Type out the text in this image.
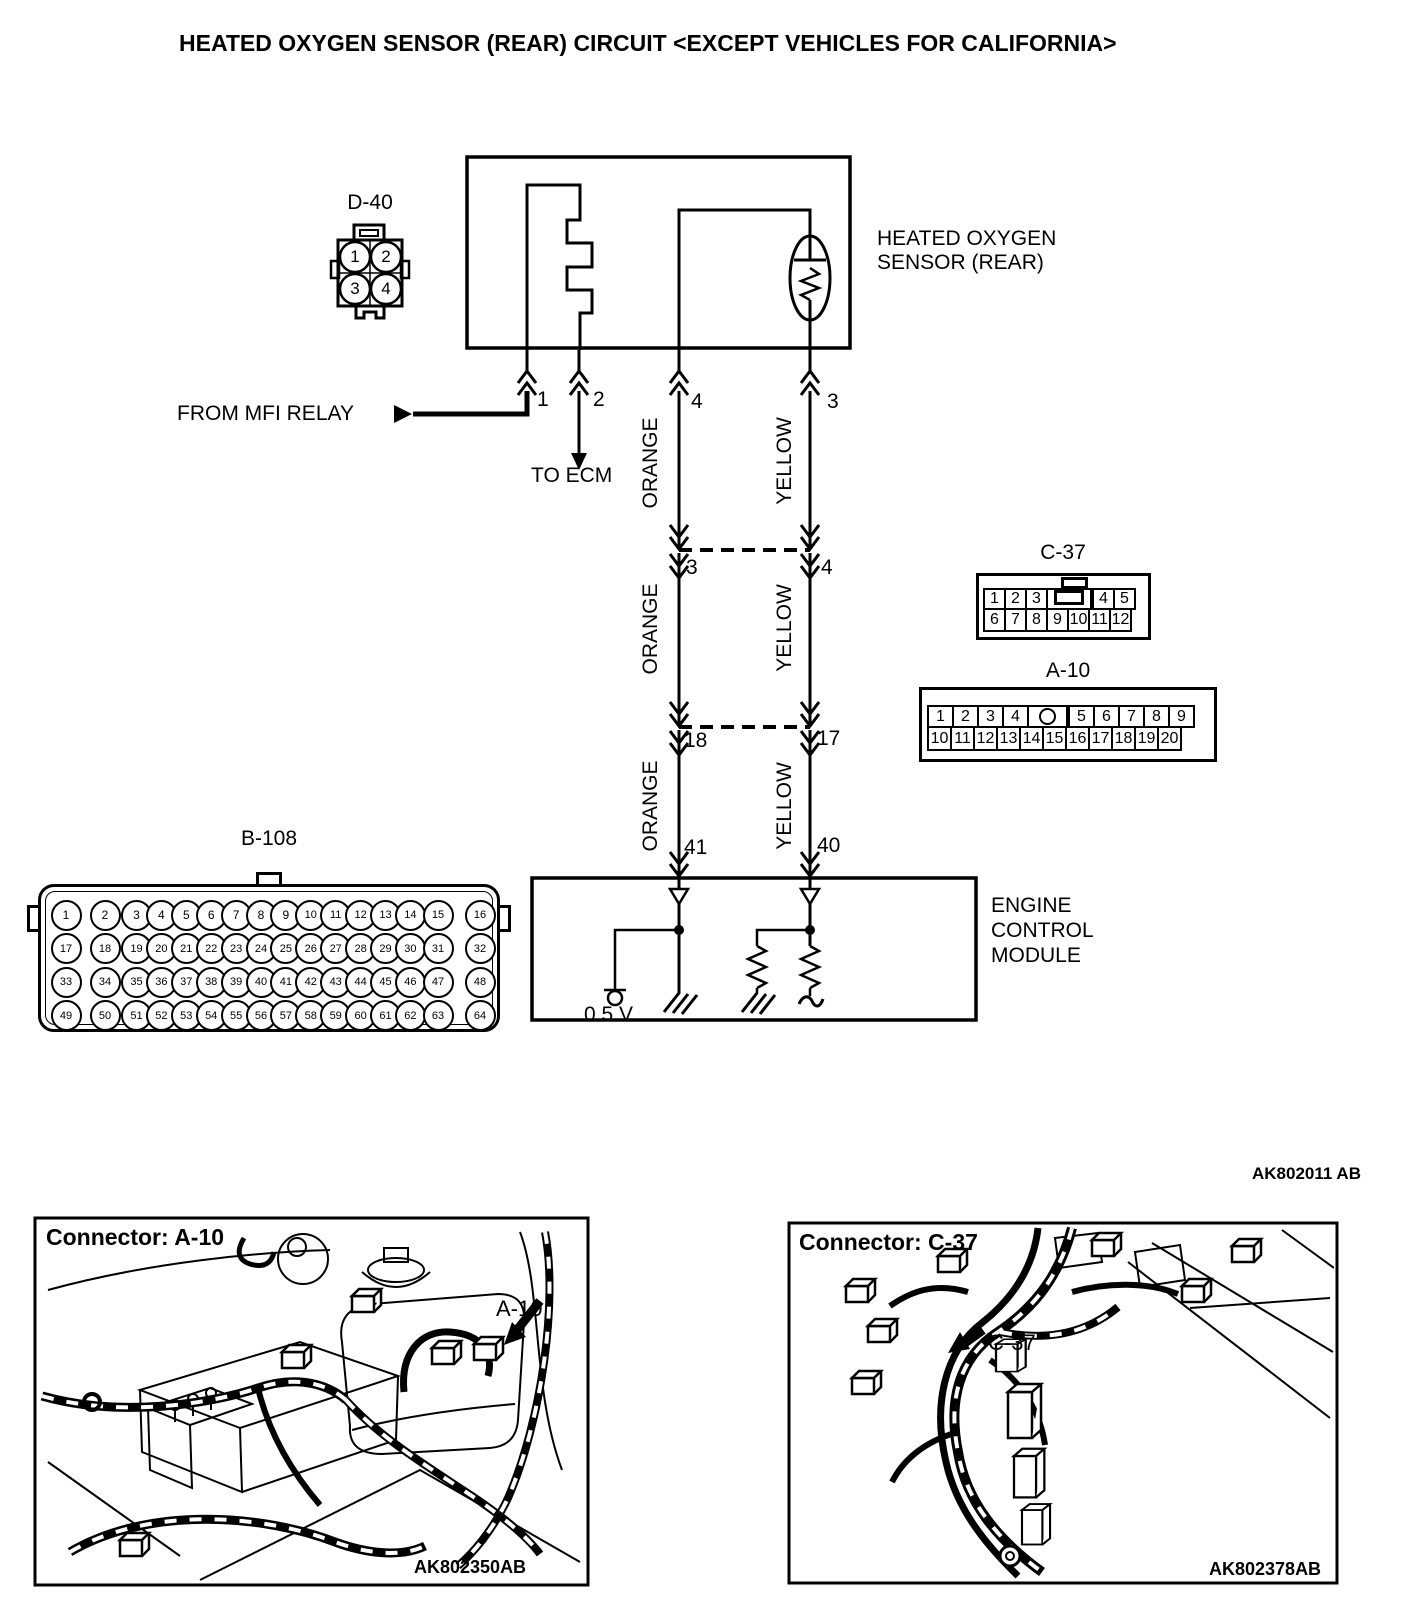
HEATED OXYGEN SENSOR (REAR) CIRCUIT <EXCEPT VEHICLES FOR CALIFORNIA>
D-40
HEATED OXYGEN
SENSOR (REAR)
FROM MFI RELAY
TO ECM
1 2	4	3
ORANGE	YELLOW
ORANGE	YELLOW
ORANGE	YELLOW
3	4
18	17
41	40
0.5 V
ENGINE
CONTROL
MODULE
AK802011 AB
1	2
3	4
C-37
1 2 3	4 5
6 7 8 9 10 11 12
A-10
1	2	3	4	5	6	7	8	9
10 11 12 13 14 15 16 17 18 19 20
B-108
1	2	3	4	5	6	7	8	9	10	11	12	13	14	15	16
17	18	19	20	21	22	23	24	25	26	27	28	29	30	31	32
33	34	35	36	37	38	39	40	41	42	43	44	45	46	47	48
49	50	51	52	53	54	55	56	57	58	59	60	61	62	63	64
Connector: A-10
A-10
AK802350AB
Connector: C-37
C-37
AK802378AB
